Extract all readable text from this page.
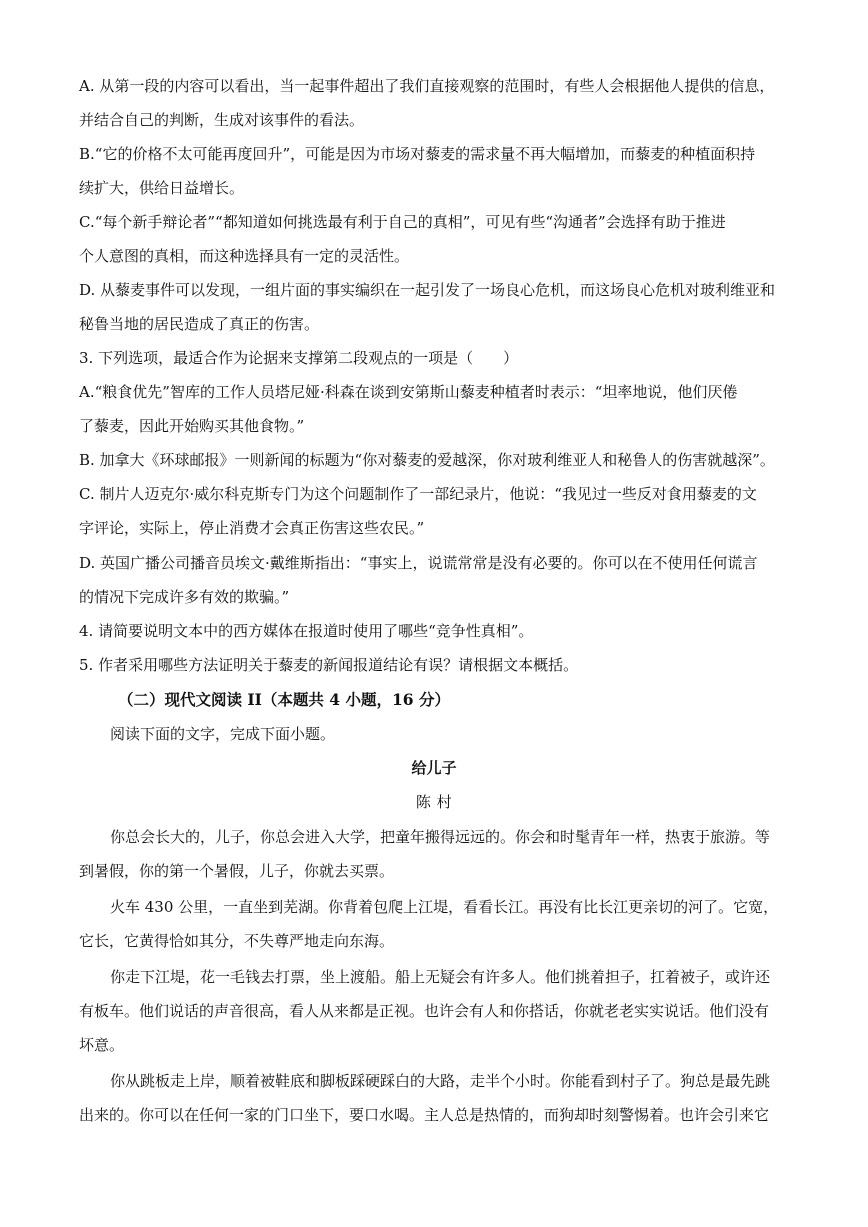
A. 从第一段的内容可以看出，当一起事件超出了我们直接观察的范围时，有些人会根据他人提供的信息，
并结合自己的判断，生成对该事件的看法。
B.“它的价格不太可能再度回升”，可能是因为市场对藜麦的需求量不再大幅增加，而藜麦的种植面积持
续扩大，供给日益增长。
C.“每个新手辩论者”“都知道如何挑选最有利于自己的真相”，可见有些“沟通者”会选择有助于推进
个人意图的真相，而这种选择具有一定的灵活性。
D. 从藜麦事件可以发现，一组片面的事实编织在一起引发了一场良心危机，而这场良心危机对玻利维亚和
秘鲁当地的居民造成了真正的伤害。
3. 下列选项，最适合作为论据来支撑第二段观点的一项是（　　）
A.“粮食优先”智库的工作人员塔尼娅·科森在谈到安第斯山藜麦种植者时表示：“坦率地说，他们厌倦
了藜麦，因此开始购买其他食物。”
B. 加拿大《环球邮报》一则新闻的标题为“你对藜麦的爱越深，你对玻利维亚人和秘鲁人的伤害就越深”。
C. 制片人迈克尔·威尔科克斯专门为这个问题制作了一部纪录片，他说：“我见过一些反对食用藜麦的文
字评论，实际上，停止消费才会真正伤害这些农民。”
D. 英国广播公司播音员埃文·戴维斯指出：“事实上，说谎常常是没有必要的。你可以在不使用任何谎言
的情况下完成许多有效的欺骗。”
4. 请简要说明文本中的西方媒体在报道时使用了哪些“竞争性真相”。
5. 作者采用哪些方法证明关于藜麦的新闻报道结论有误？请根据文本概括。
（二）现代文阅读 II（本题共 4 小题，16 分）
阅读下面的文字，完成下面小题。
给儿子
陈 村
你总会长大的，儿子，你总会进入大学，把童年搬得远远的。你会和时髦青年一样，热衷于旅游。等
到暑假，你的第一个暑假，儿子，你就去买票。
火车 430 公里，一直坐到芜湖。你背着包爬上江堤，看看长江。再没有比长江更亲切的河了。它宽，
它长，它黄得恰如其分，不失尊严地走向东海。
你走下江堤，花一毛钱去打票，坐上渡船。船上无疑会有许多人。他们挑着担子，扛着被子，或许还
有板车。他们说话的声音很高，看人从来都是正视。也许会有人和你搭话，你就老老实实说话。他们没有
坏意。
你从跳板走上岸，顺着被鞋底和脚板踩硬踩白的大路，走半个小时。你能看到村子了。狗总是最先跳
出来的。你可以在任何一家的门口坐下，要口水喝。主人总是热情的，而狗却时刻警惕着。也许会引来它
